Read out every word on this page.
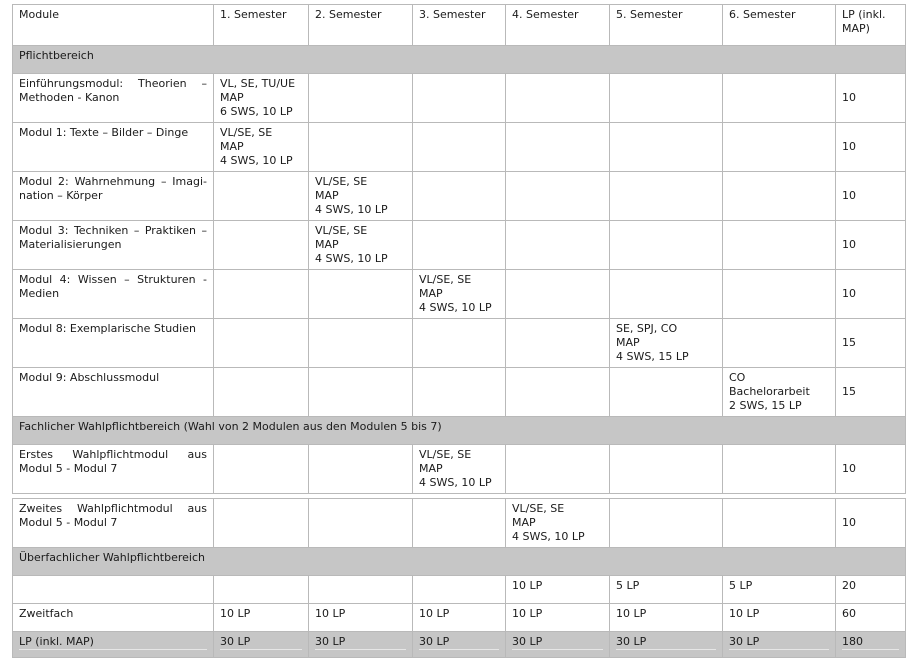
Module	1. Semester	2. Semester	3. Semester	4. Semester	5. Semester	6. Semester	LP (inkl. MAP)
Pflichtbereich							
Einführungsmodul: Theorien – Methoden - Kanon	VL, SE, TU/UE
MAP
6 SWS, 10 LP						10
Modul 1: Texte – Bilder – Dinge	VL/SE, SE
MAP
4 SWS, 10 LP						10
Modul 2: Wahrnehmung – Imagi-nation – Körper		VL/SE, SE
MAP
4 SWS, 10 LP					10
Modul 3: Techniken – Praktiken – Materialisierungen		VL/SE, SE
MAP
4 SWS, 10 LP					10
Modul 4: Wissen – Strukturen - Medien			VL/SE, SE
MAP
4 SWS, 10 LP				10
Modul 8: Exemplarische Studien					SE, SPJ, CO
MAP
4 SWS, 15 LP		15
Modul 9: Abschlussmodul						CO
Bachelorarbeit
2 SWS, 15 LP	15
Fachlicher Wahlpflichtbereich (Wahl von 2 Modulen aus den Modulen 5 bis 7)							
Erstes Wahlpflichtmodul aus Modul 5 - Modul 7			VL/SE, SE
MAP
4 SWS, 10 LP				10

Zweites Wahlpflichtmodul aus Modul 5 - Modul 7				VL/SE, SE
MAP
4 SWS, 10 LP			10
Überfachlicher Wahlpflichtbereich							
				10 LP	5 LP	5 LP	20
Zweitfach	10 LP	10 LP	10 LP	10 LP	10 LP	10 LP	60

LP (inkl. MAP)	30 LP	30 LP	30 LP	30 LP	30 LP	30 LP	180
